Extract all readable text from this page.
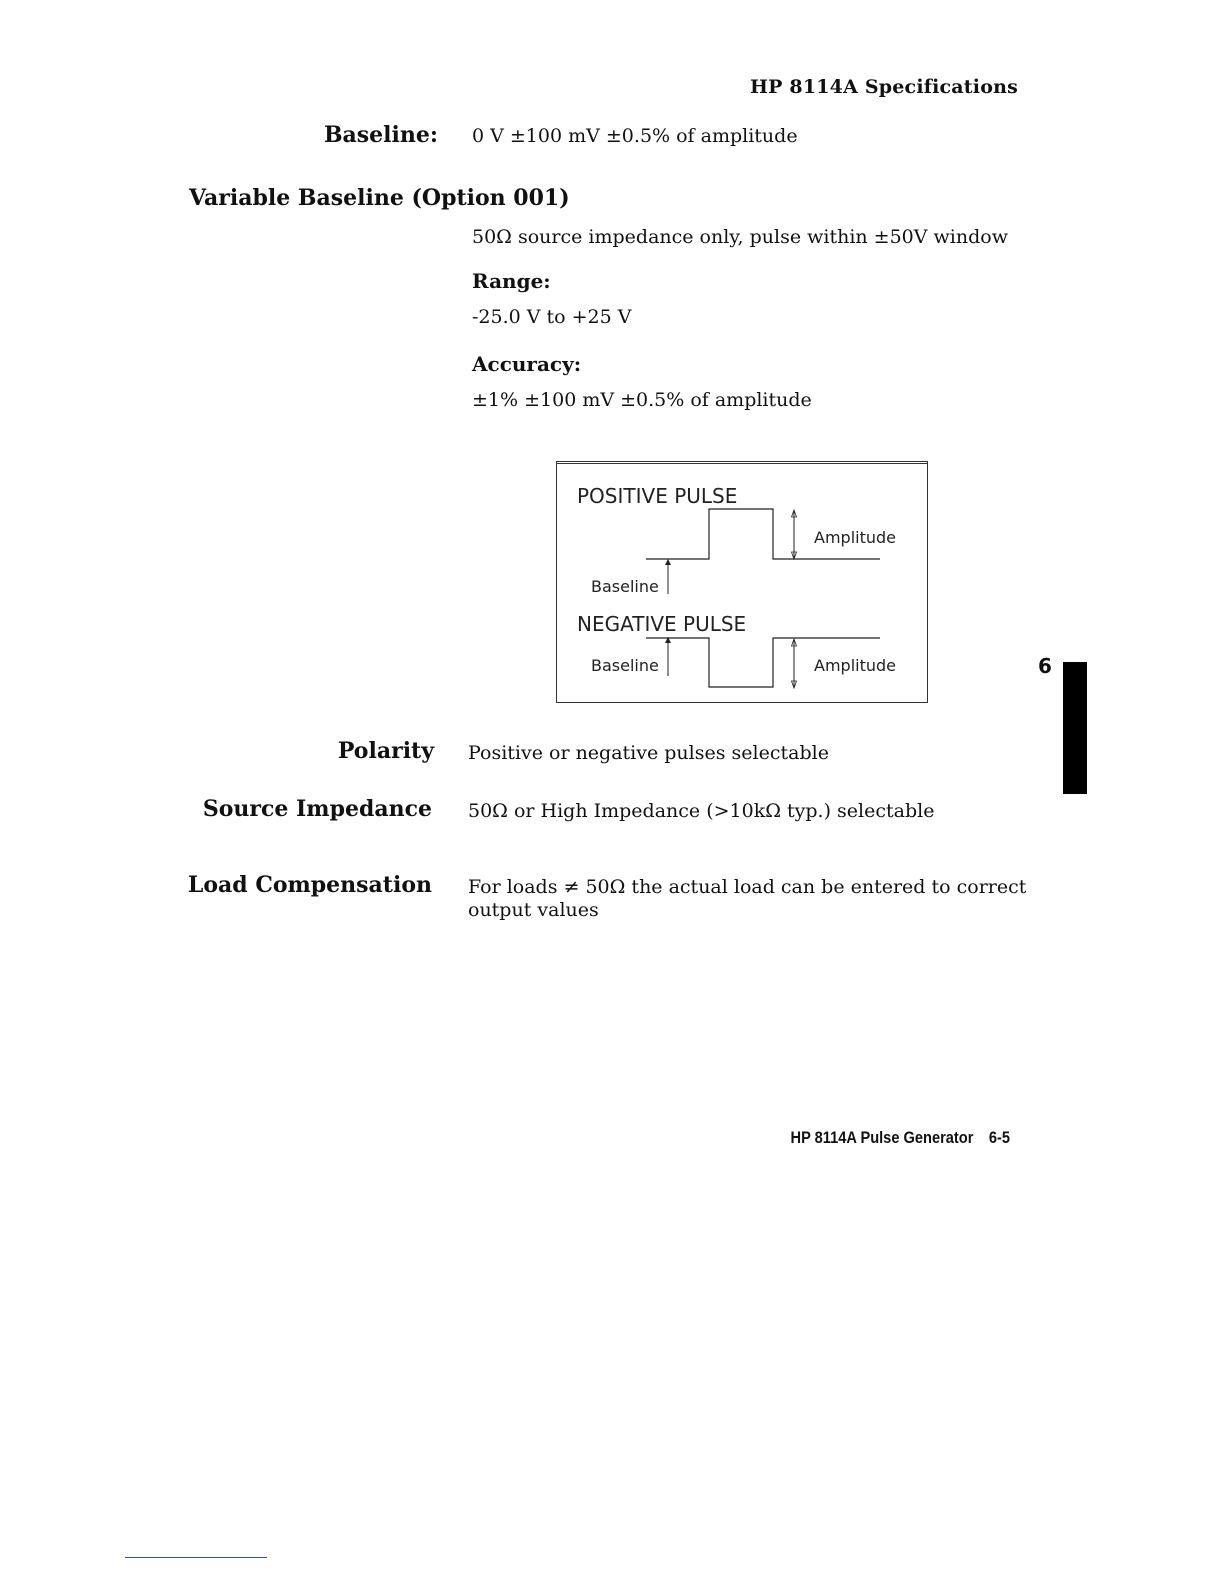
HP 8114A Specifications
Baseline: 0 V ±100 mV ±0.5% of amplitude
Variable Baseline (Option 001)
50Ω source impedance only, pulse within ±50V window
Range:
-25.0 V to +25 V
Accuracy:
±1% ±100 mV ±0.5% of amplitude
POSITIVE PULSE
Baseline
Amplitude
NEGATIVE PULSE
Baseline	Amplitude
Polarity Positive or negative pulses selectable
Source Impedance 50Ω or High Impedance (>10kΩ typ.) selectable
Load Compensation For loads ≠ 50Ω the actual load can be entered to correct
output values
6
HP 8114A Pulse Generator 6-5
